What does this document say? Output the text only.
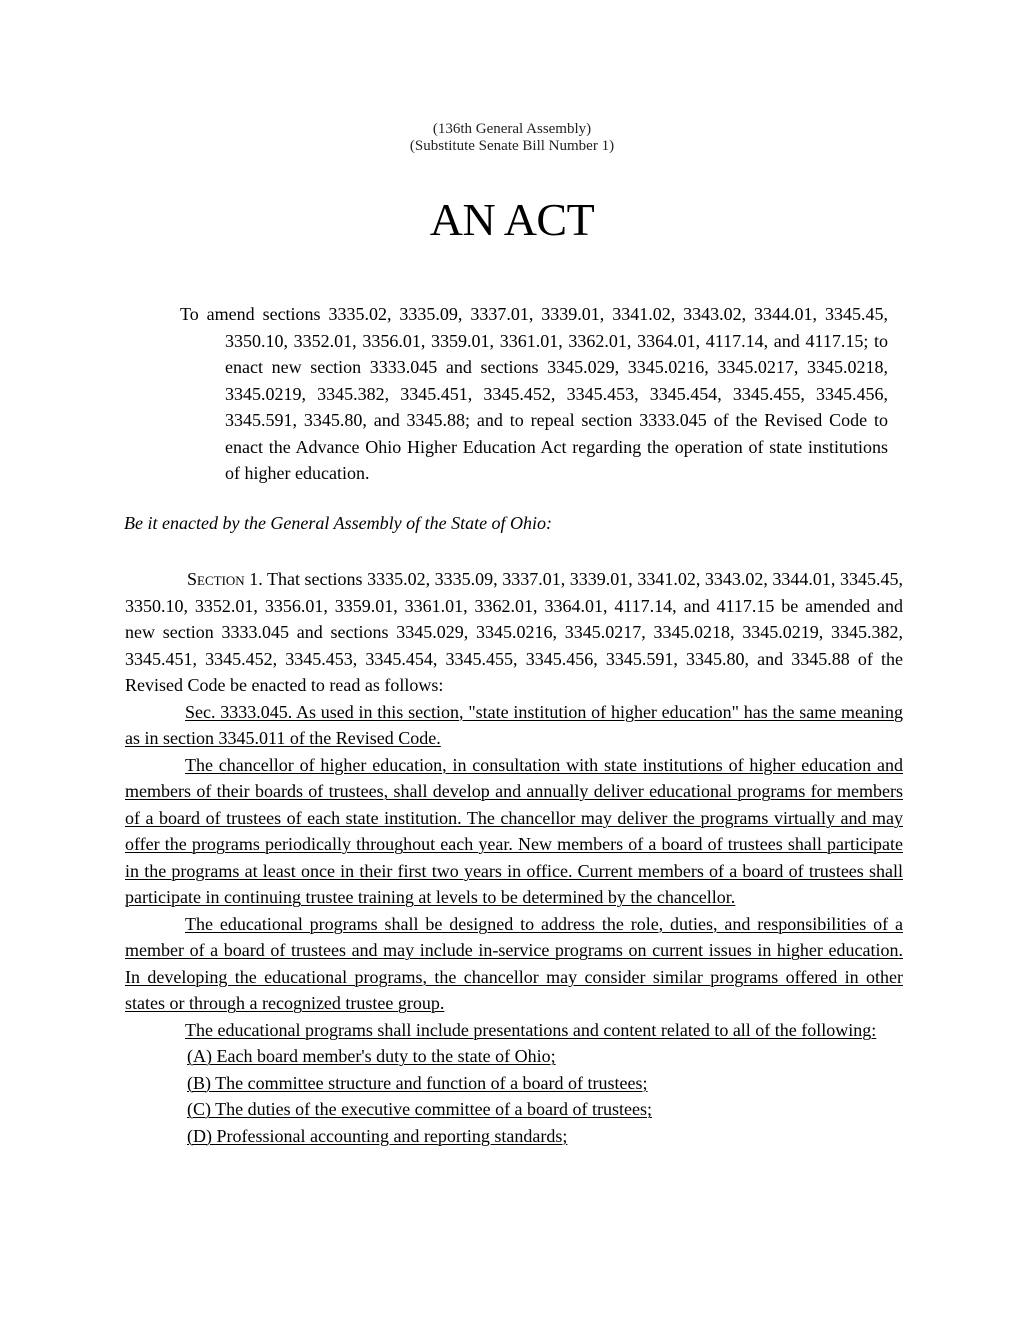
(136th General Assembly)
(Substitute Senate Bill Number 1)
AN ACT
To amend sections 3335.02, 3335.09, 3337.01, 3339.01, 3341.02, 3343.02, 3344.01, 3345.45, 3350.10, 3352.01, 3356.01, 3359.01, 3361.01, 3362.01, 3364.01, 4117.14, and 4117.15; to enact new section 3333.045 and sections 3345.029, 3345.0216, 3345.0217, 3345.0218, 3345.0219, 3345.382, 3345.451, 3345.452, 3345.453, 3345.454, 3345.455, 3345.456, 3345.591, 3345.80, and 3345.88; and to repeal section 3333.045 of the Revised Code to enact the Advance Ohio Higher Education Act regarding the operation of state institutions of higher education.
Be it enacted by the General Assembly of the State of Ohio:

Section 1. That sections 3335.02, 3335.09, 3337.01, 3339.01, 3341.02, 3343.02, 3344.01, 3345.45, 3350.10, 3352.01, 3356.01, 3359.01, 3361.01, 3362.01, 3364.01, 4117.14, and 4117.15 be amended and new section 3333.045 and sections 3345.029, 3345.0216, 3345.0217, 3345.0218, 3345.0219, 3345.382, 3345.451, 3345.452, 3345.453, 3345.454, 3345.455, 3345.456, 3345.591, 3345.80, and 3345.88 of the Revised Code be enacted to read as follows:

Sec. 3333.045. As used in this section, "state institution of higher education" has the same meaning as in section 3345.011 of the Revised Code.

The chancellor of higher education, in consultation with state institutions of higher education and members of their boards of trustees, shall develop and annually deliver educational programs for members of a board of trustees of each state institution. The chancellor may deliver the programs virtually and may offer the programs periodically throughout each year. New members of a board of trustees shall participate in the programs at least once in their first two years in office. Current members of a board of trustees shall participate in continuing trustee training at levels to be determined by the chancellor.

The educational programs shall be designed to address the role, duties, and responsibilities of a member of a board of trustees and may include in-service programs on current issues in higher education. In developing the educational programs, the chancellor may consider similar programs offered in other states or through a recognized trustee group.

The educational programs shall include presentations and content related to all of the following:

(A) Each board member's duty to the state of Ohio;

(B) The committee structure and function of a board of trustees;

(C) The duties of the executive committee of a board of trustees;

(D) Professional accounting and reporting standards;
